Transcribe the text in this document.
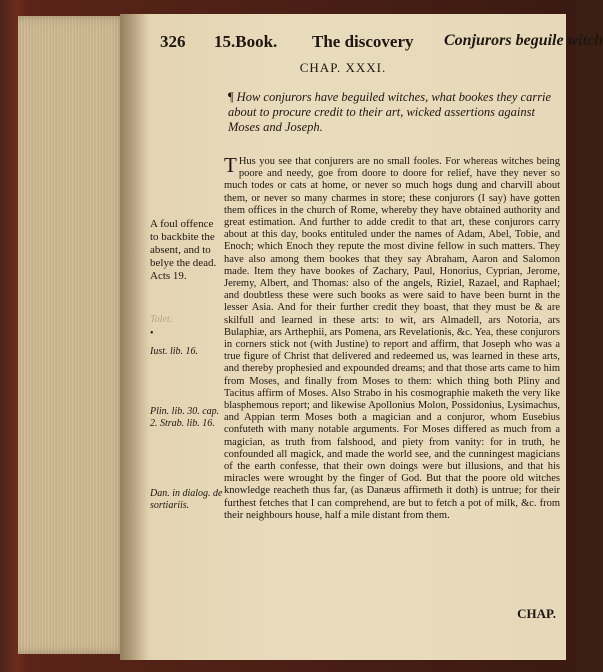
326 15.Book. The discovery Conjurors beguile witch
CHAP. XXXI.
¶ How conjurors have beguiled witches, what bookes they carrie about to procure credit to their art, wicked assertions against Moses and Joseph.
T Hus you see that conjurers are no small fooles. For whereas witches being poore and needy, goe from doore to doore for relief, have they never so much todes or cats at home, or never so much hogs dung and charvill about them, or never so many charmes in store; these conjurors (I say) have gotten them offices in the church of Rome, whereby they have obtained authority and great estimation. And further to adde credit to that art, these conjurors carry about at this day, books entituled under the names of Adam, Abel, Tobie, and Enoch; which Enoch they repute the most divine fellow in such matters. They have also among them bookes that they say Abraham, Aaron and Salomon made. Item they have bookes of Zachary, Paul, Honorius, Cyprian, Jerome, Jeremy, Albert, and Thomas: also of the angels, Riziel, Razael, and Raphael; and doubtless these were such books as were said to have been burnt in the lesser Asia. And for their further credit they boast, that they must be & are skilfull and learned in these arts: to wit, ars Almadell, ars Notoria, ars Bulaphiæ, ars Arthephii, ars Pomena, ars Revelationis, &c. Yea, these conjurors in corners stick not (with Justine) to report and affirm, that Joseph who was a true figure of Christ that delivered and redeemed us, was learned in these arts, and thereby prophesied and expounded dreams; and that those arts came to him from Moses, and finally from Moses to them: which thing both Pliny and Tacitus affirm of Moses. Also Strabo in his cosmographie maketh the very like blasphemous report; and likewise Apollonius Molon, Possidonius, Lysimachus, and Appian term Moses both a magician and a conjuror, whom Eusebius confuteth with many notable arguments. For Moses differed as much from a magician, as truth from falshood, and piety from vanity: for in truth, he confounded all magick, and made the world see, and the cunningest magicians of the earth confesse, that their own doings were but illusions, and that his miracles were wrought by the finger of God. But that the poore old witches knowledge reacheth thus far, (as Danæus affirmeth it doth) is untrue; for their furthest fetches that I can comprehend, are but to fetch a pot of milk, &c. from their neighbours house, half a mile distant from them.
A foul offence to backbite the absent, and to belye the dead. Acts 19.
Tolet.
•
Iust. lib. 16.
Plin. lib. 30. cap. 2. Strab. lib. 16.
Dan. in dialog. de sortiariis.
CHAP.
